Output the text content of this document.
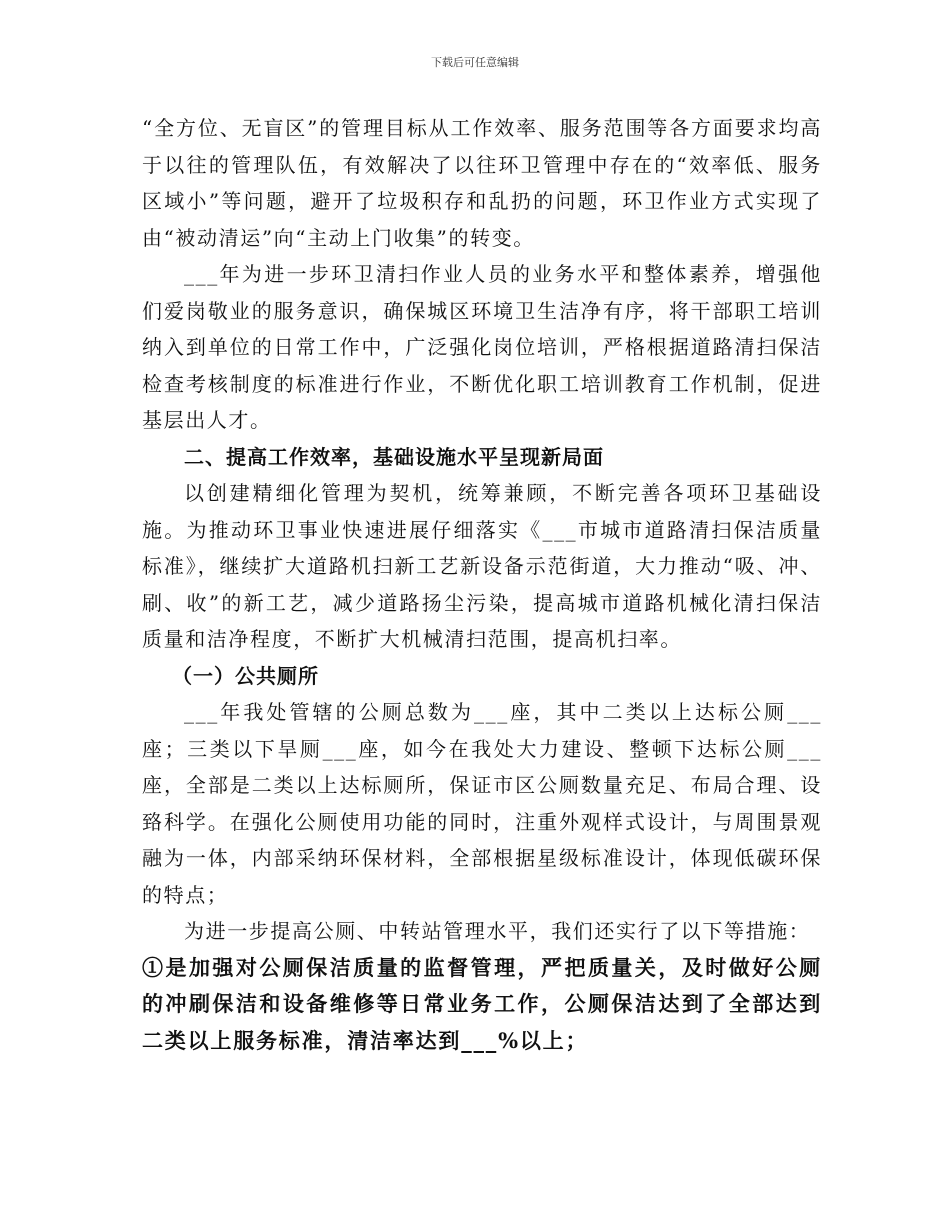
下载后可任意编辑

“全方位、无盲区”的管理目标从工作效率、服务范围等各方面要求均高于以往的管理队伍，有效解决了以往环卫管理中存在的“效率低、服务区域小”等问题，避开了垃圾积存和乱扔的问题，环卫作业方式实现了由“被动清运”向“主动上门收集”的转变。

___年为进一步环卫清扫作业人员的业务水平和整体素养，增强他们爱岗敬业的服务意识，确保城区环境卫生洁净有序，将干部职工培训纳入到单位的日常工作中，广泛强化岗位培训，严格根据道路清扫保洁检查考核制度的标准进行作业，不断优化职工培训教育工作机制，促进基层出人才。

二、提高工作效率，基础设施水平呈现新局面

以创建精细化管理为契机，统筹兼顾，不断完善各项环卫基础设施。为推动环卫事业快速进展仔细落实《___市城市道路清扫保洁质量标准》，继续扩大道路机扫新工艺新设备示范街道，大力推动“吸、冲、刷、收”的新工艺，减少道路扬尘污染，提高城市道路机械化清扫保洁质量和洁净程度，不断扩大机械清扫范围，提高机扫率。

（一）公共厕所

___年我处管辖的公厕总数为___座，其中二类以上达标公厕___座；三类以下旱厕___座，如今在我处大力建设、整顿下达标公厕___座，全部是二类以上达标厕所，保证市区公厕数量充足、布局合理、设臵科学。在强化公厕使用功能的同时，注重外观样式设计，与周围景观融为一体，内部采纳环保材料，全部根据星级标准设计，体现低碳环保的特点；

为进一步提高公厕、中转站管理水平，我们还实行了以下等措施：

①是加强对公厕保洁质量的监督管理，严把质量关，及时做好公厕的冲刷保洁和设备维修等日常业务工作，公厕保洁达到了全部达到二类以上服务标准，清洁率达到___%以上；
